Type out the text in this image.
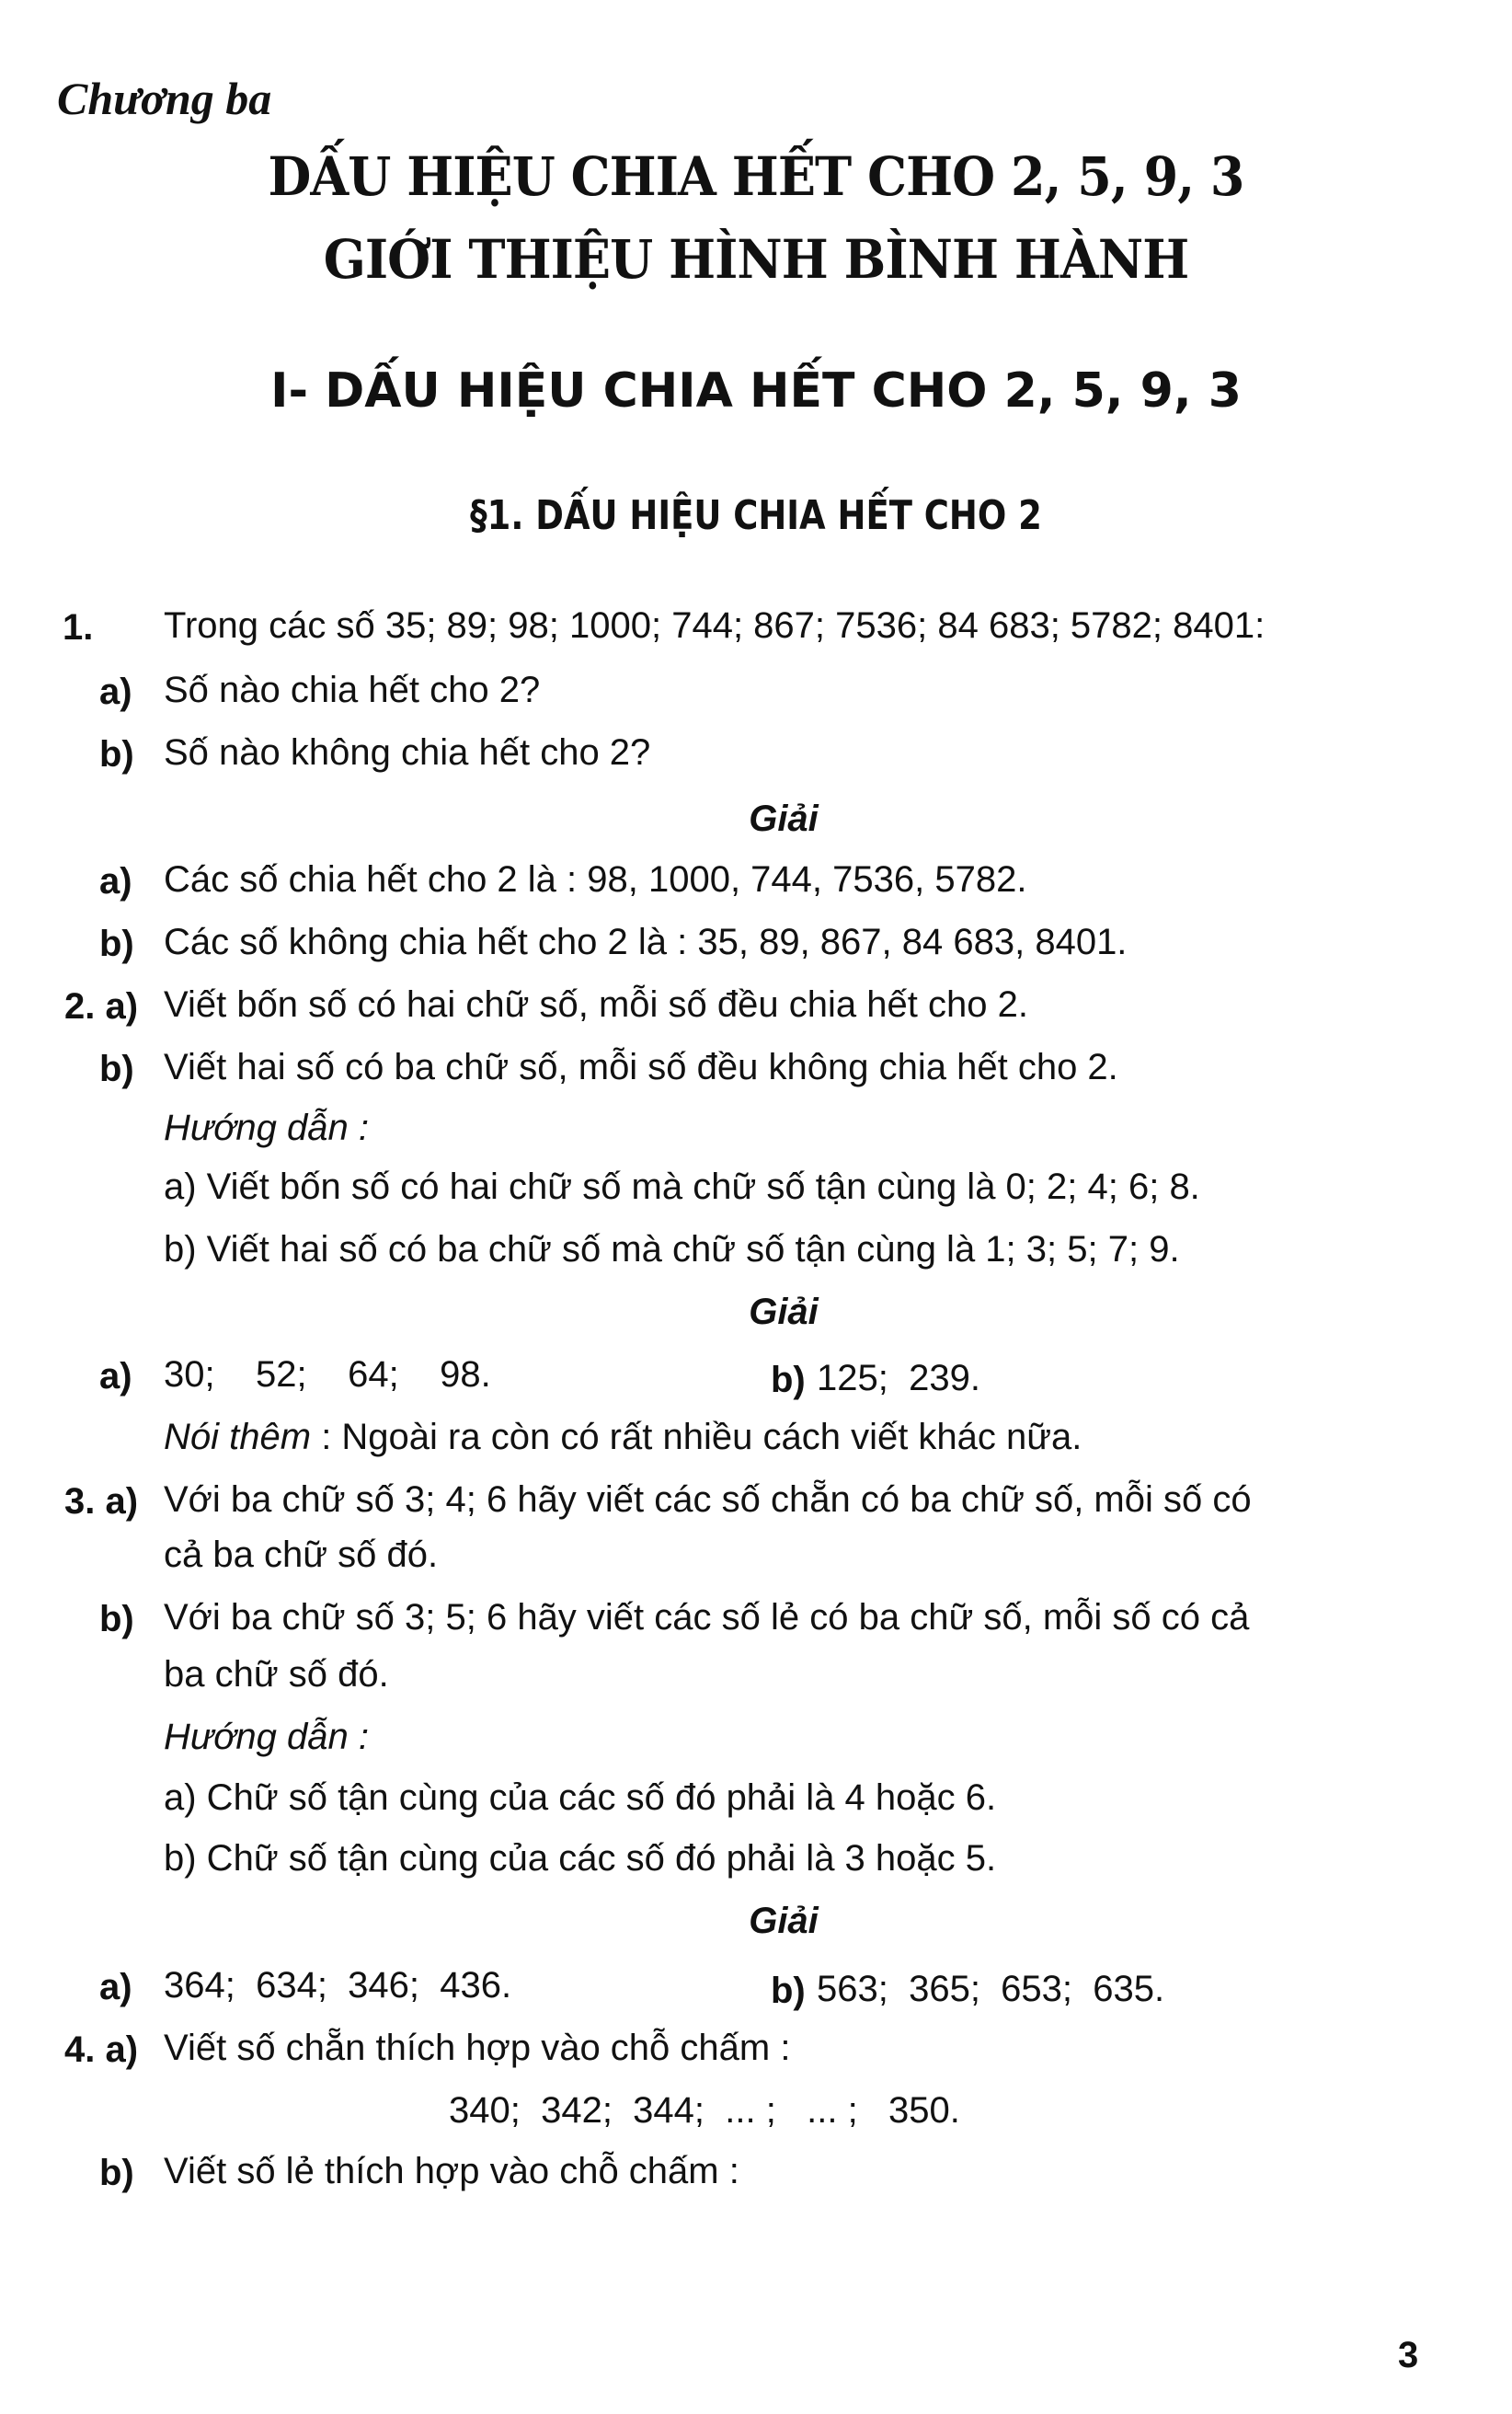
Chương ba
DẤU HIỆU CHIA HẾT CHO 2, 5, 9, 3
GIỚI THIỆU HÌNH BÌNH HÀNH
I- DẤU HIỆU CHIA HẾT CHO 2, 5, 9, 3
§1. DẤU HIỆU CHIA HẾT CHO 2
1. Trong các số 35; 89; 98; 1000; 744; 867; 7536; 84 683; 5782; 8401:
a) Số nào chia hết cho 2?
b) Số nào không chia hết cho 2?
Giải
a) Các số chia hết cho 2 là : 98, 1000, 744, 7536, 5782.
b) Các số không chia hết cho 2 là : 35, 89, 867, 84 683, 8401.
2. a) Viết bốn số có hai chữ số, mỗi số đều chia hết cho 2.
b) Viết hai số có ba chữ số, mỗi số đều không chia hết cho 2.
Hướng dẫn :
a) Viết bốn số có hai chữ số mà chữ số tận cùng là 0; 2; 4; 6; 8.
b) Viết hai số có ba chữ số mà chữ số tận cùng là 1; 3; 5; 7; 9.
Giải
a) 30;    52;    64;    98.	b) 125;  239.
Nói thêm : Ngoài ra còn có rất nhiều cách viết khác nữa.
3. a) Với ba chữ số 3; 4; 6 hãy viết các số chẵn có ba chữ số, mỗi số có
cả ba chữ số đó.
b) Với ba chữ số 3; 5; 6 hãy viết các số lẻ có ba chữ số, mỗi số có cả
ba chữ số đó.
Hướng dẫn :
a) Chữ số tận cùng của các số đó phải là 4 hoặc 6.
b) Chữ số tận cùng của các số đó phải là 3 hoặc 5.
Giải
a) 364;  634;  346;  436.	b) 563;  365;  653;  635.
4. a) Viết số chẵn thích hợp vào chỗ chấm :
340;  342;  344;  ... ;   ... ;   350.
b) Viết số lẻ thích hợp vào chỗ chấm :
3
